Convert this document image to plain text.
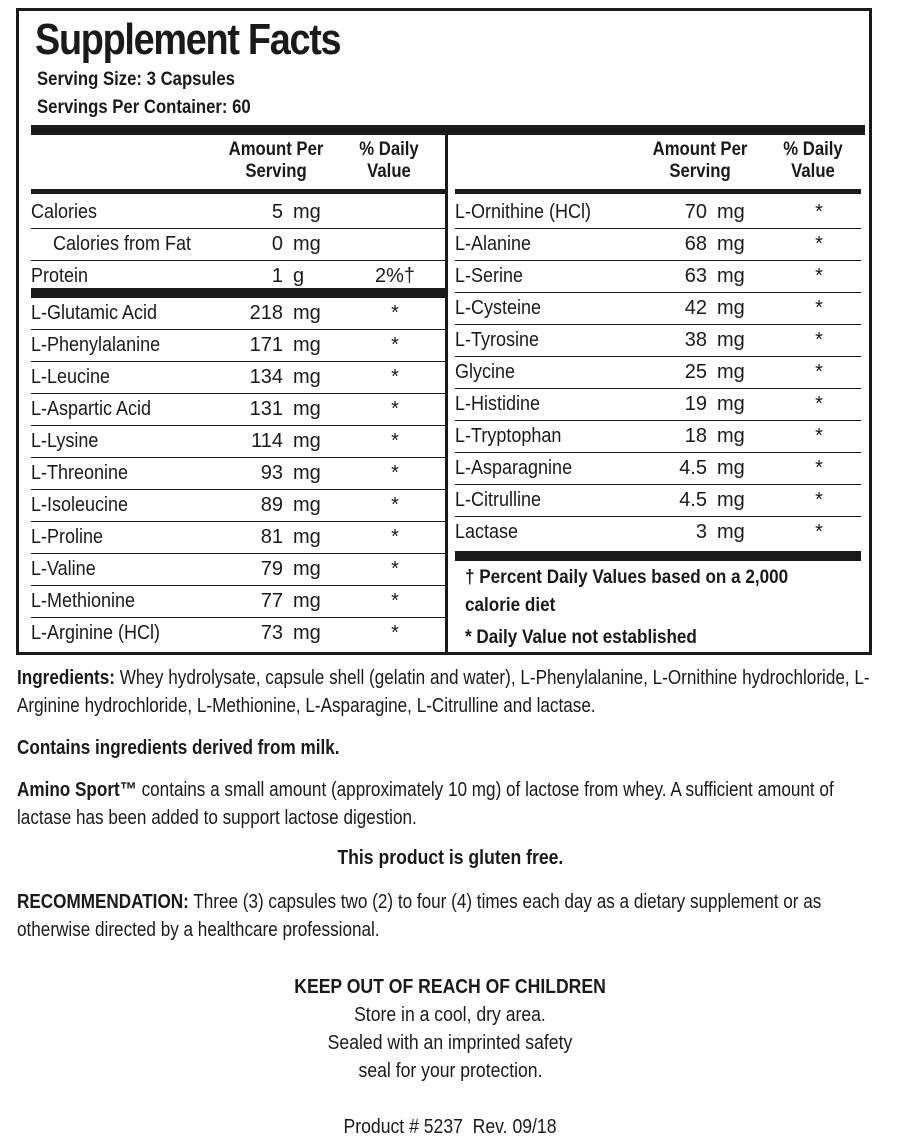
Supplement Facts
Serving Size: 3 Capsules
Servings Per Container: 60
Amount Per
Serving
% Daily
Value
Calories	5 mg
Calories from Fat	0 mg
Protein	1 g	2%†
L-Glutamic Acid	218 mg	*
L-Phenylalanine	171 mg	*
L-Leucine	134 mg	*
L-Aspartic Acid	131 mg	*
L-Lysine	114 mg	*
L-Threonine	93 mg	*
L-Isoleucine	89 mg	*
L-Proline	81 mg	*
L-Valine	79 mg	*
L-Methionine	77 mg	*
L-Arginine (HCl)	73 mg	*
Amount Per
Serving
% Daily
Value
L-Ornithine (HCl)	70 mg	*
L-Alanine	68 mg	*
L-Serine	63 mg	*
L-Cysteine	42 mg	*
L-Tyrosine	38 mg	*
Glycine	25 mg	*
L-Histidine	19 mg	*
L-Tryptophan	18 mg	*
L-Asparagnine	4.5 mg	*
L-Citrulline	4.5 mg	*
Lactase	3 mg	*
† Percent Daily Values based on a 2,000
calorie diet
* Daily Value not established
Ingredients: Whey hydrolysate, capsule shell (gelatin and water), L-Phenylalanine, L-Ornithine hydrochloride, L-Arginine hydrochloride, L-Methionine, L-Asparagine, L-Citrulline and lactase.
Contains ingredients derived from milk.
Amino Sport™ contains a small amount (approximately 10 mg) of lactose from whey. A sufficient amount of lactase has been added to support lactose digestion.
This product is gluten free.
RECOMMENDATION: Three (3) capsules two (2) to four (4) times each day as a dietary supplement or as otherwise directed by a healthcare professional.
KEEP OUT OF REACH OF CHILDREN
Store in a cool, dry area.
Sealed with an imprinted safety
seal for your protection.
Product # 5237  Rev. 09/18
